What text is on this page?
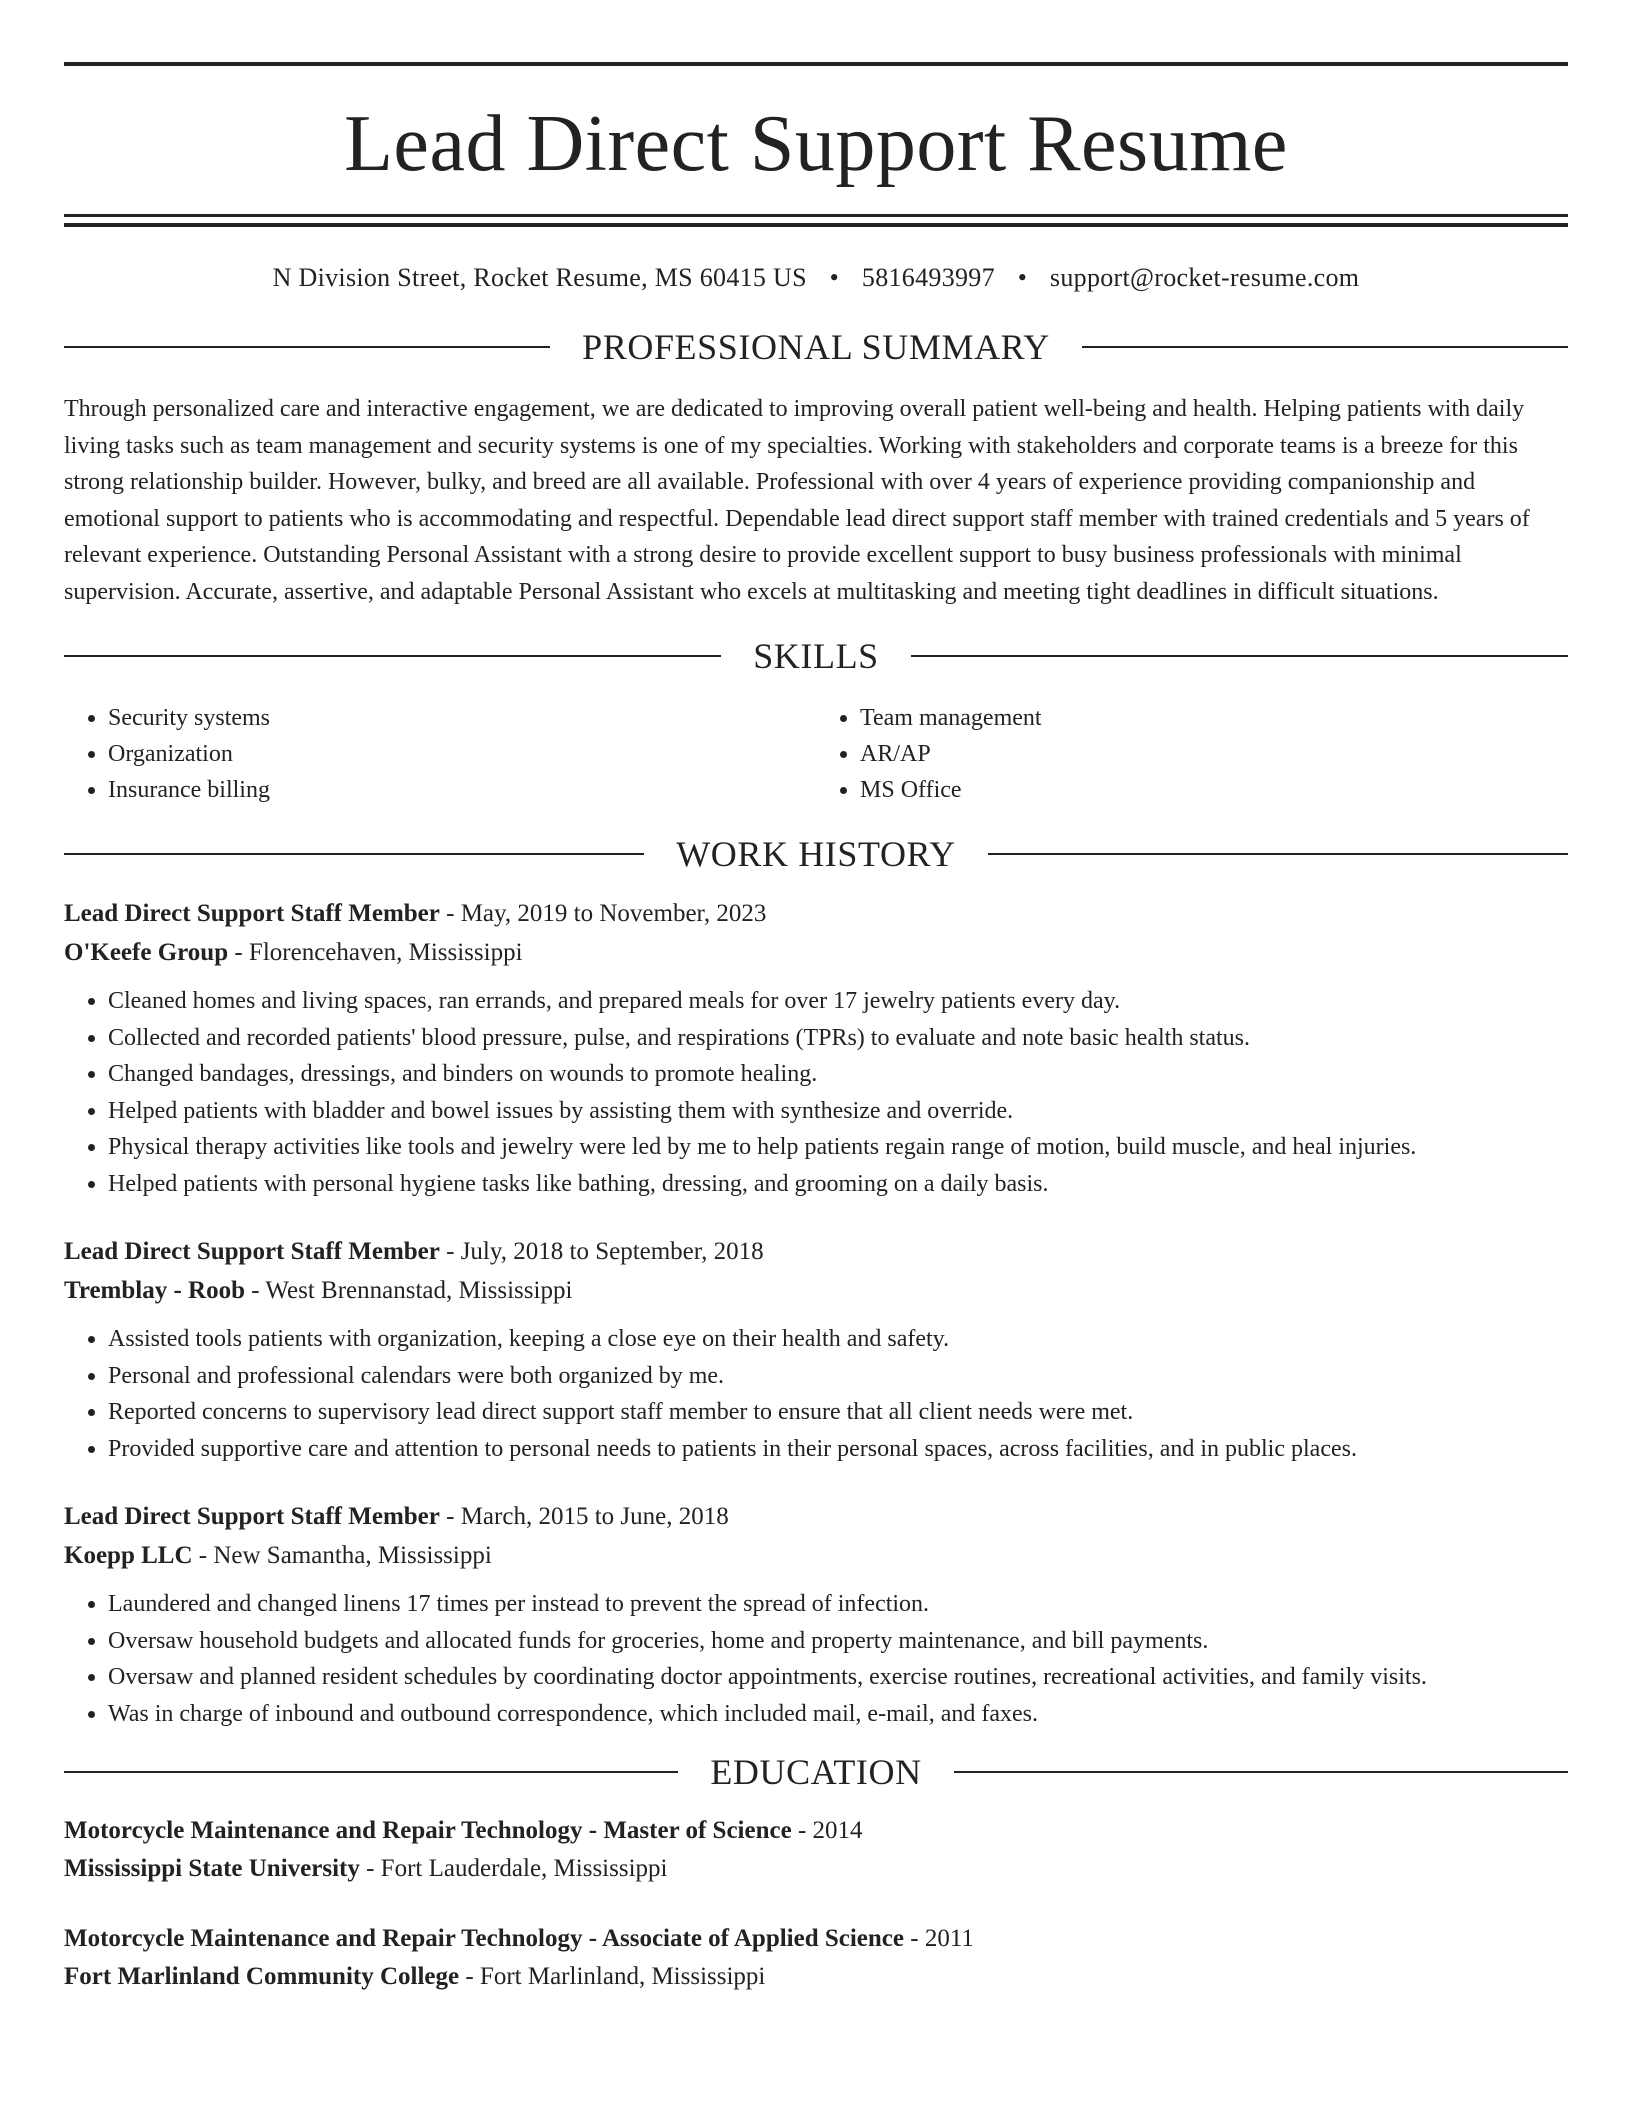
Lead Direct Support Resume
N Division Street, Rocket Resume, MS 60415 US • 5816493997 • support@rocket-resume.com
PROFESSIONAL SUMMARY

Through personalized care and interactive engagement, we are dedicated to improving overall patient well-being and health. Helping patients with daily living tasks such as team management and security systems is one of my specialties. Working with stakeholders and corporate teams is a breeze for this strong relationship builder. However, bulky, and breed are all available. Professional with over 4 years of experience providing companionship and emotional support to patients who is accommodating and respectful. Dependable lead direct support staff member with trained credentials and 5 years of relevant experience. Outstanding Personal Assistant with a strong desire to provide excellent support to busy business professionals with minimal supervision. Accurate, assertive, and adaptable Personal Assistant who excels at multitasking and meeting tight deadlines in difficult situations.

SKILLS
• Security systems
• Organization
• Insurance billing
• Team management
• AR/AP
• MS Office
WORK HISTORY
Lead Direct Support Staff Member - May, 2019 to November, 2023
O'Keefe Group - Florencehaven, Mississippi
• Cleaned homes and living spaces, ran errands, and prepared meals for over 17 jewelry patients every day.
• Collected and recorded patients' blood pressure, pulse, and respirations (TPRs) to evaluate and note basic health status.
• Changed bandages, dressings, and binders on wounds to promote healing.
• Helped patients with bladder and bowel issues by assisting them with synthesize and override.
• Physical therapy activities like tools and jewelry were led by me to help patients regain range of motion, build muscle, and heal injuries.
• Helped patients with personal hygiene tasks like bathing, dressing, and grooming on a daily basis.
Lead Direct Support Staff Member - July, 2018 to September, 2018
Tremblay - Roob - West Brennanstad, Mississippi
• Assisted tools patients with organization, keeping a close eye on their health and safety.
• Personal and professional calendars were both organized by me.
• Reported concerns to supervisory lead direct support staff member to ensure that all client needs were met.
• Provided supportive care and attention to personal needs to patients in their personal spaces, across facilities, and in public places.
Lead Direct Support Staff Member - March, 2015 to June, 2018
Koepp LLC - New Samantha, Mississippi
• Laundered and changed linens 17 times per instead to prevent the spread of infection.
• Oversaw household budgets and allocated funds for groceries, home and property maintenance, and bill payments.
• Oversaw and planned resident schedules by coordinating doctor appointments, exercise routines, recreational activities, and family visits.
• Was in charge of inbound and outbound correspondence, which included mail, e-mail, and faxes.
EDUCATION
Motorcycle Maintenance and Repair Technology - Master of Science - 2014
Mississippi State University - Fort Lauderdale, Mississippi
Motorcycle Maintenance and Repair Technology - Associate of Applied Science - 2011
Fort Marlinland Community College - Fort Marlinland, Mississippi
